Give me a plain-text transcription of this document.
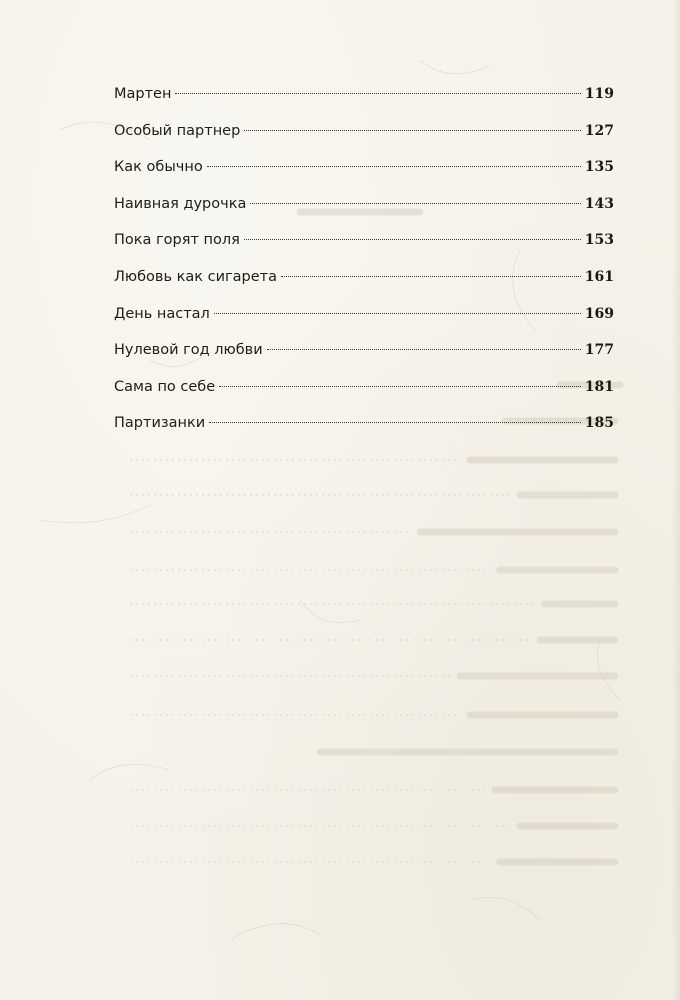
Мартен	119
Особый партнер	127
Как обычно	135
Наивная дурочка	143
Пока горят поля	153
Любовь как сигарета	161
День настал	169
Нулевой год любви	177
Сама по себе	181
Партизанки	185
